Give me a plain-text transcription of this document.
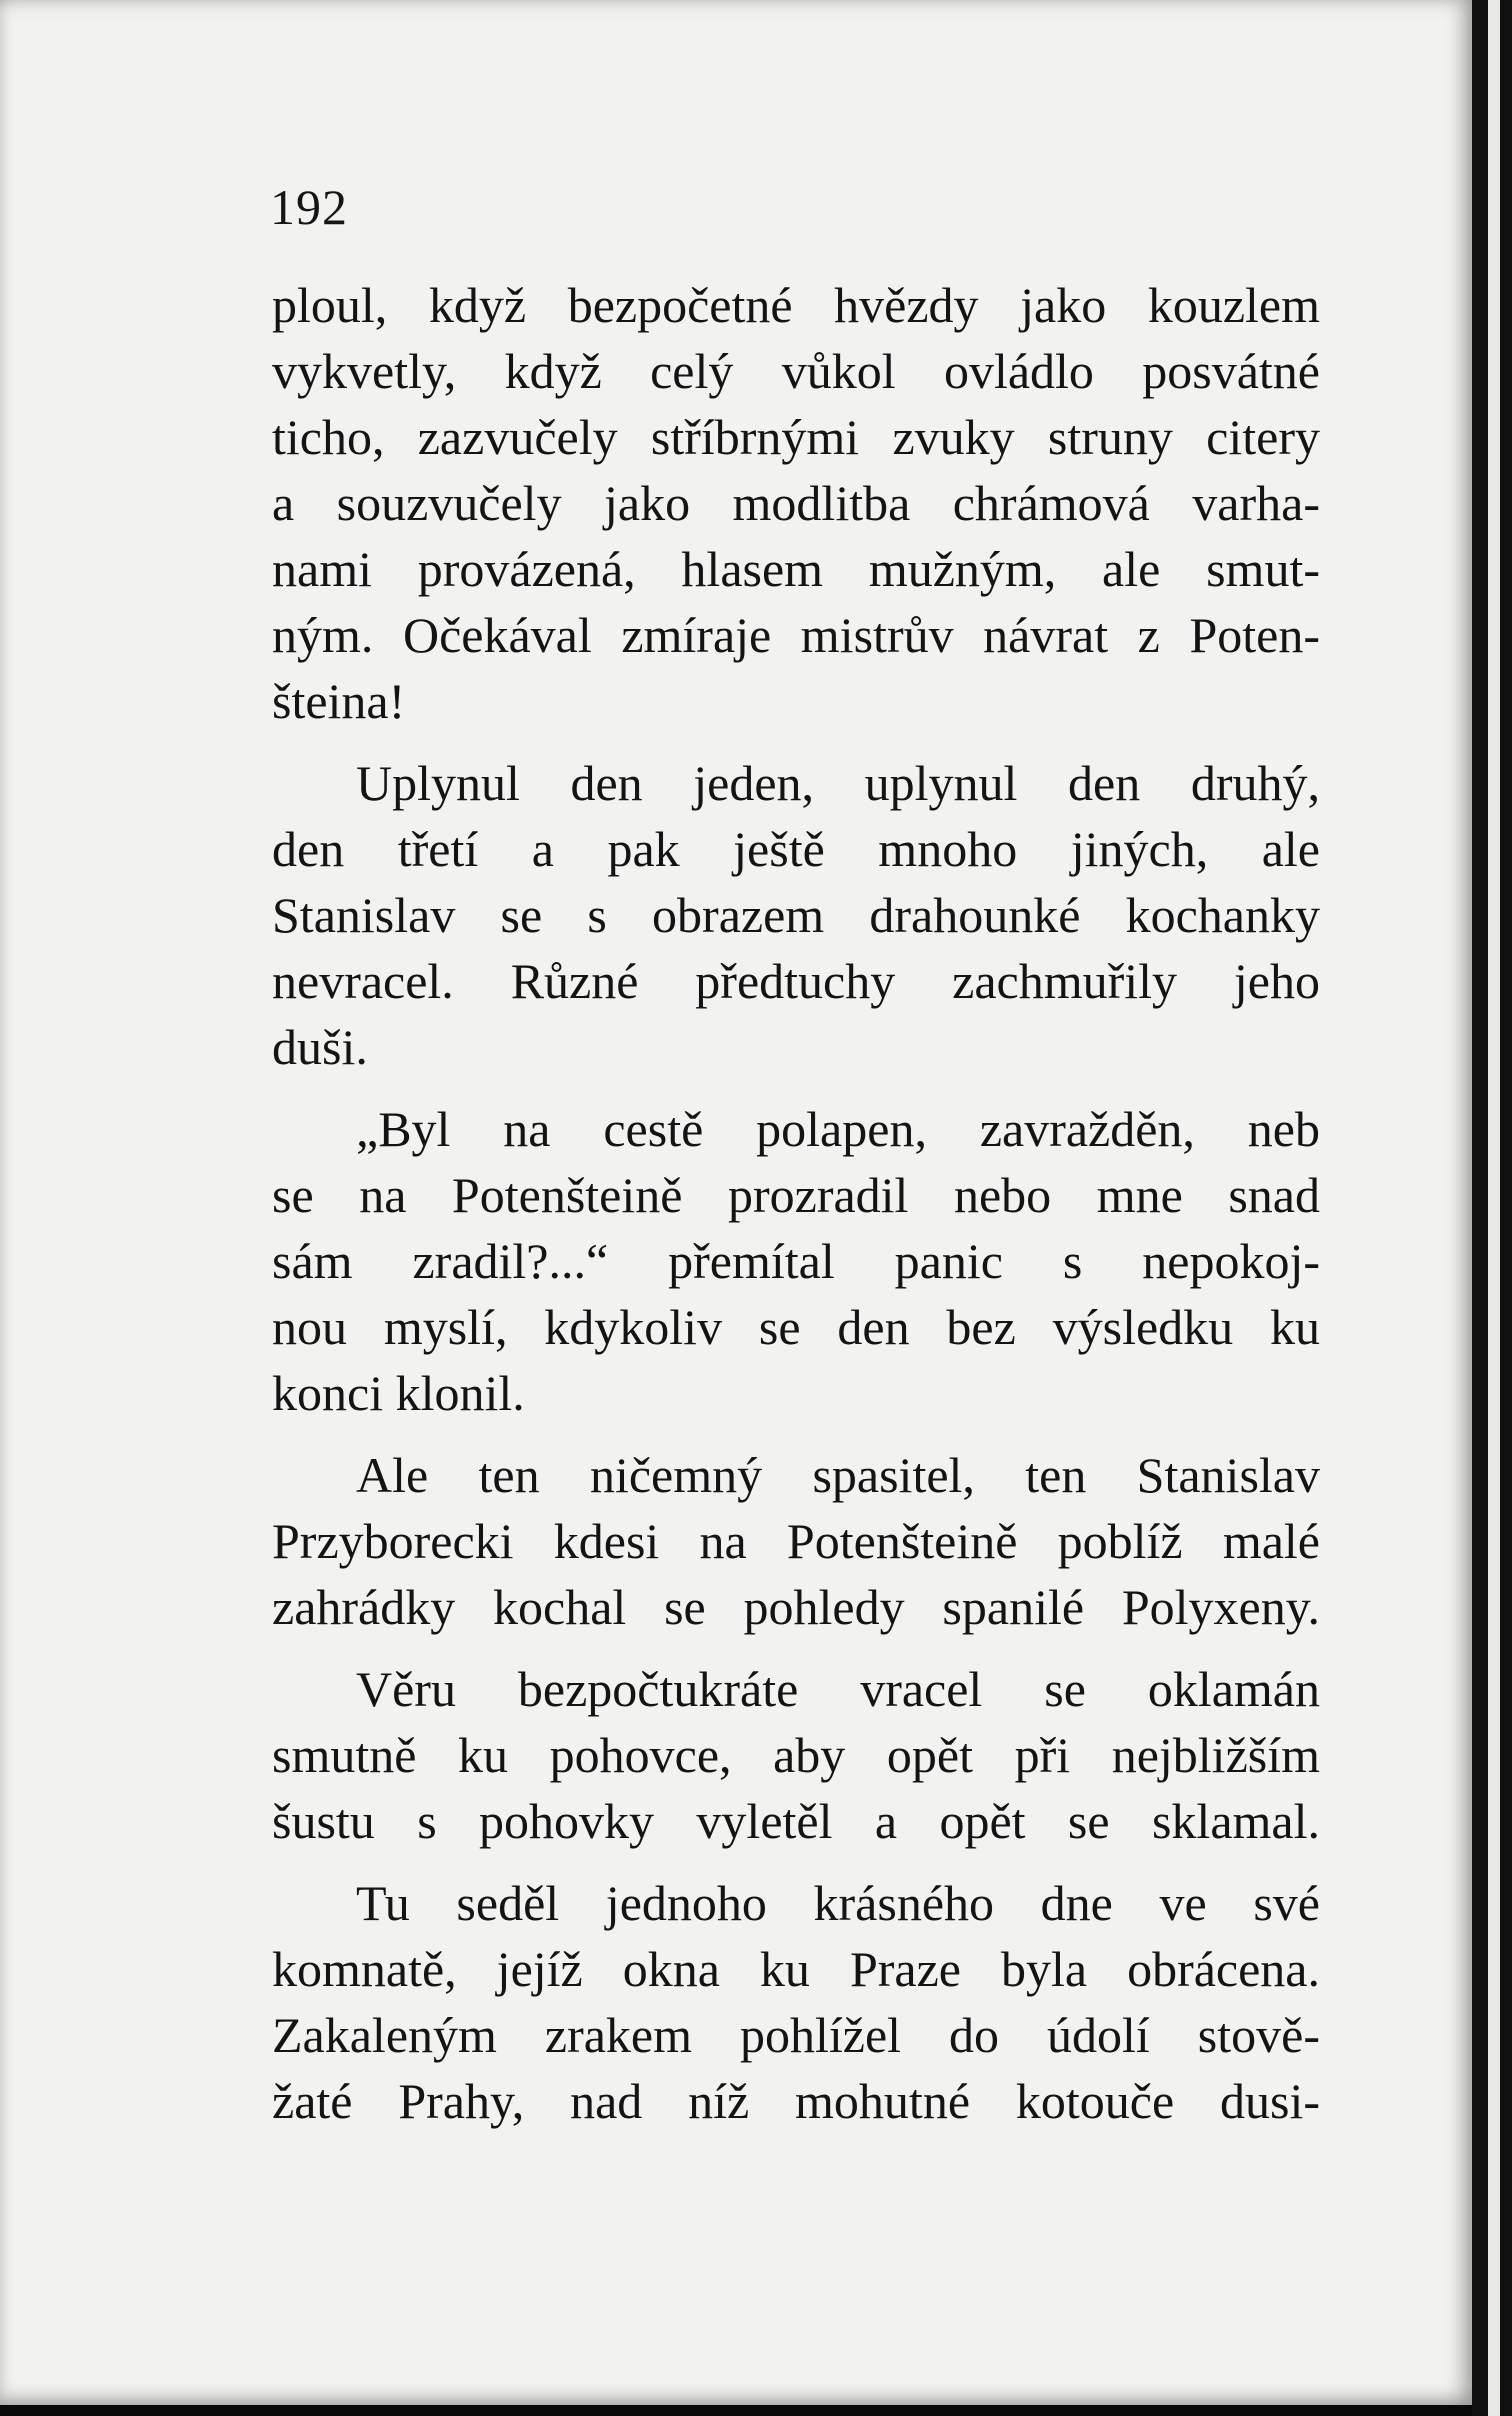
192

ploul, když bezpočetné hvězdy jako kouzlem
vykvetly, když celý vůkol ovládlo posvátné
ticho, zazvučely stříbrnými zvuky struny citery
a souzvučely jako modlitba chrámová varha-
nami provázená, hlasem mužným, ale smut-
ným. Očekával zmíraje mistrův návrat z Poten-
šteina!

Uplynul den jeden, uplynul den druhý,
den třetí a pak ještě mnoho jiných, ale
Stanislav se s obrazem drahounké kochanky
nevracel. Různé předtuchy zachmuřily jeho
duši.

„Byl na cestě polapen, zavražděn, neb
se na Potenšteině prozradil nebo mne snad
sám zradil?...“ přemítal panic s nepokoj-
nou myslí, kdykoliv se den bez výsledku ku
konci klonil.

Ale ten ničemný spasitel, ten Stanislav
Przyborecki kdesi na Potenšteině poblíž malé
zahrádky kochal se pohledy spanilé Polyxeny.

Věru bezpočtukráte vracel se oklamán
smutně ku pohovce, aby opět při nejbližším
šustu s pohovky vyletěl a opět se sklamal.

Tu seděl jednoho krásného dne ve své
komnatě, jejíž okna ku Praze byla obrácena.
Zakaleným zrakem pohlížel do údolí stově-
žaté Prahy, nad níž mohutné kotouče dusi-
